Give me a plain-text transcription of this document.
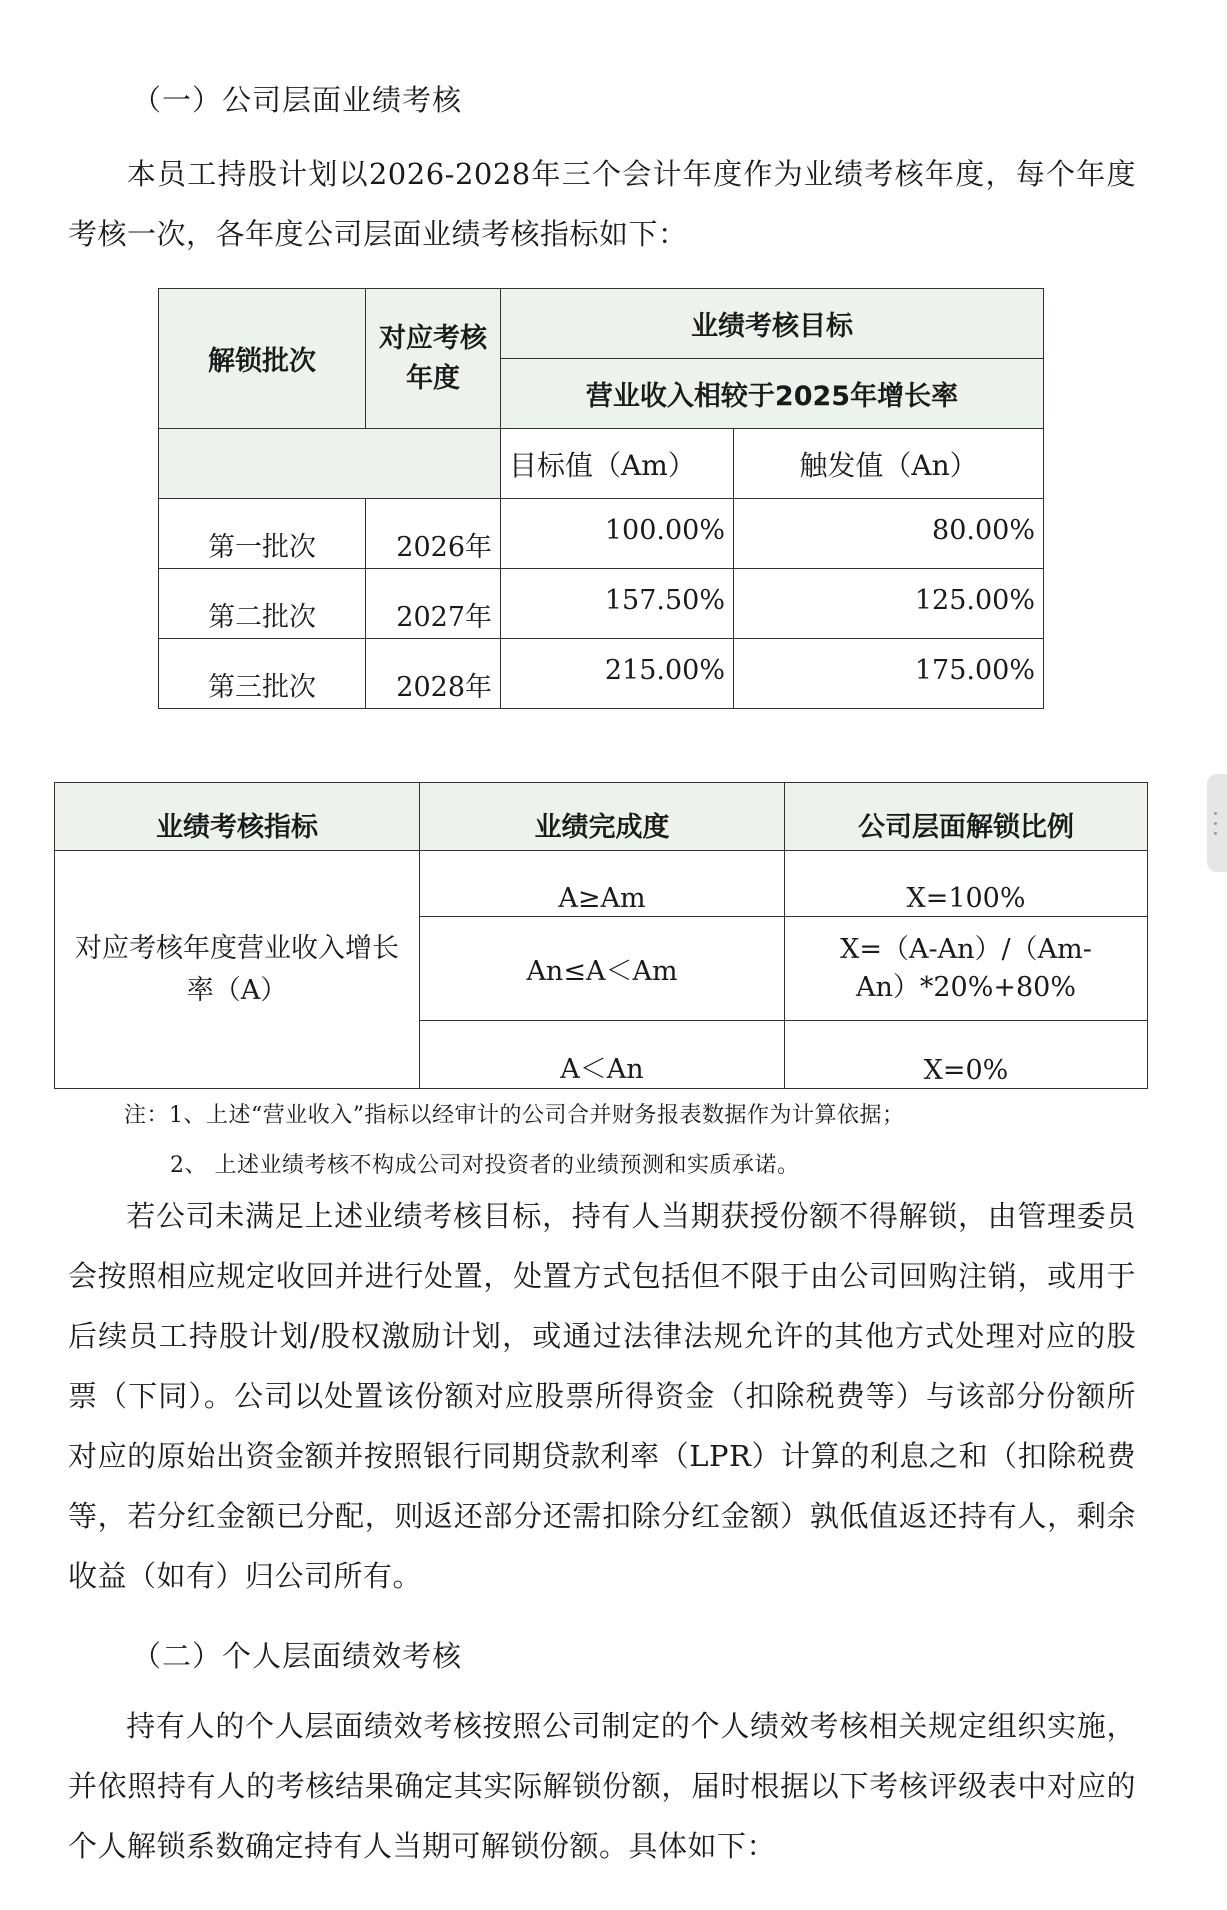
（一）公司层面业绩考核
本员工持股计划以2026-2028年三个会计年度作为业绩考核年度，每个年度考核一次，各年度公司层面业绩考核指标如下：
解锁批次	对应考核年度	业绩考核目标	
		营业收入相较于2025年增长率	
		目标值（Am）	触发值（An）
第一批次	2026年	100.00%	80.00%
第二批次	2027年	157.50%	125.00%
第三批次	2028年	215.00%	175.00%
业绩考核指标	业绩完成度	公司层面解锁比例
对应考核年度营业收入增长率（A）	A≥Am	X=100%
	An≤A＜Am	X=（A-An）/（Am-An）*20%+80%
	A＜An	X=0%
注：1、上述“营业收入”指标以经审计的公司合并财务报表数据作为计算依据；
2、 上述业绩考核不构成公司对投资者的业绩预测和实质承诺。
若公司未满足上述业绩考核目标，持有人当期获授份额不得解锁，由管理委员会按照相应规定收回并进行处置，处置方式包括但不限于由公司回购注销，或用于后续员工持股计划/股权激励计划，或通过法律法规允许的其他方式处理对应的股票（下同）。公司以处置该份额对应股票所得资金（扣除税费等）与该部分份额所对应的原始出资金额并按照银行同期贷款利率（LPR）计算的利息之和（扣除税费等，若分红金额已分配，则返还部分还需扣除分红金额）孰低值返还持有人，剩余收益（如有）归公司所有。
（二）个人层面绩效考核
持有人的个人层面绩效考核按照公司制定的个人绩效考核相关规定组织实施，并依照持有人的考核结果确定其实际解锁份额，届时根据以下考核评级表中对应的个人解锁系数确定持有人当期可解锁份额。具体如下：
